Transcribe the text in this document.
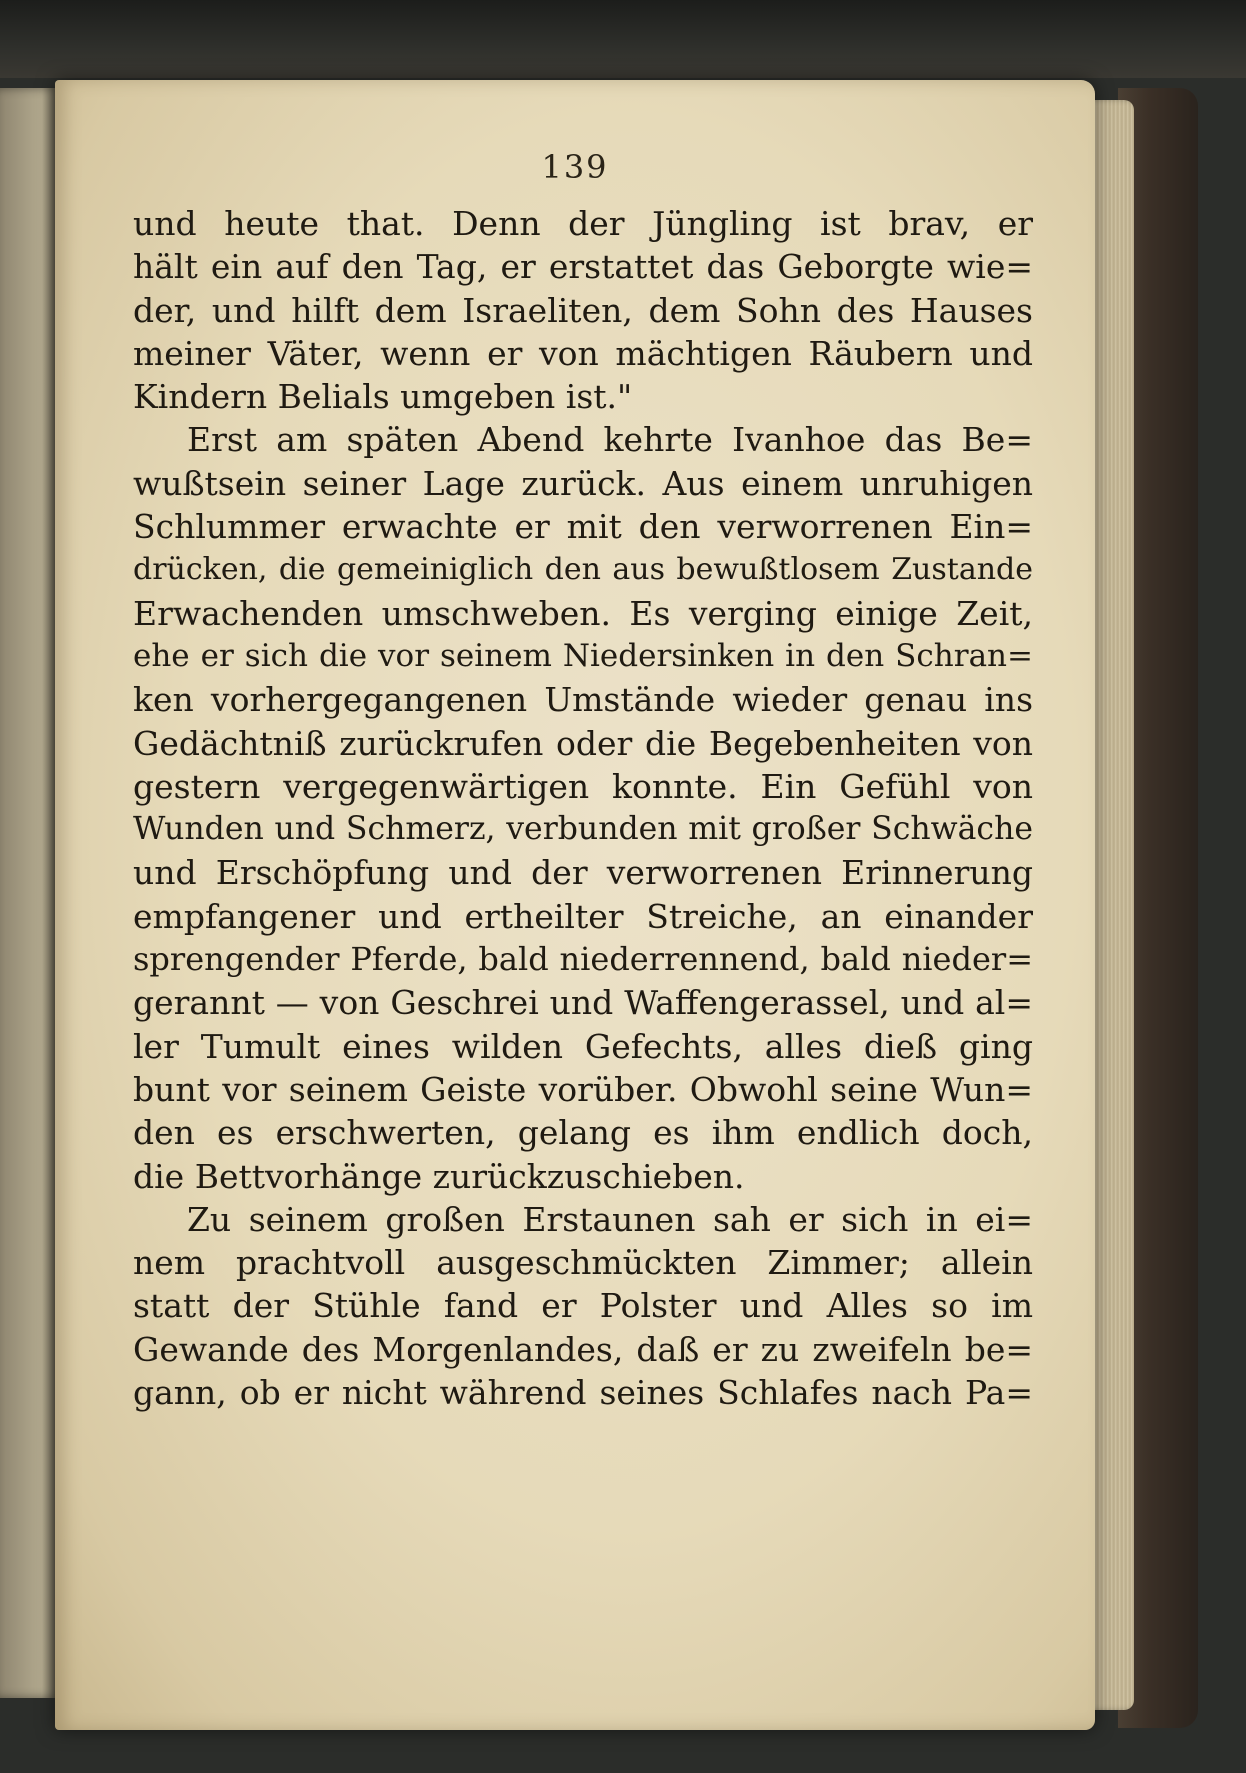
139
und heute that. Denn der Jüngling ist brav, er
hält ein auf den Tag, er erstattet das Geborgte wie=
der, und hilft dem Israeliten, dem Sohn des Hauses
meiner Väter, wenn er von mächtigen Räubern und
Kindern Belials umgeben ist."
Erst am späten Abend kehrte Ivanhoe das Be=
wußtsein seiner Lage zurück. Aus einem unruhigen
Schlummer erwachte er mit den verworrenen Ein=
drücken, die gemeiniglich den aus bewußtlosem Zustande
Erwachenden umschweben. Es verging einige Zeit,
ehe er sich die vor seinem Niedersinken in den Schran=
ken vorhergegangenen Umstände wieder genau ins
Gedächtniß zurückrufen oder die Begebenheiten von
gestern vergegenwärtigen konnte. Ein Gefühl von
Wunden und Schmerz, verbunden mit großer Schwäche
und Erschöpfung und der verworrenen Erinnerung
empfangener und ertheilter Streiche, an einander
sprengender Pferde, bald niederrennend, bald nieder=
gerannt — von Geschrei und Waffengerassel, und al=
ler Tumult eines wilden Gefechts, alles dieß ging
bunt vor seinem Geiste vorüber. Obwohl seine Wun=
den es erschwerten, gelang es ihm endlich doch,
die Bettvorhänge zurückzuschieben.
Zu seinem großen Erstaunen sah er sich in ei=
nem prachtvoll ausgeschmückten Zimmer; allein
statt der Stühle fand er Polster und Alles so im
Gewande des Morgenlandes, daß er zu zweifeln be=
gann, ob er nicht während seines Schlafes nach Pa=
